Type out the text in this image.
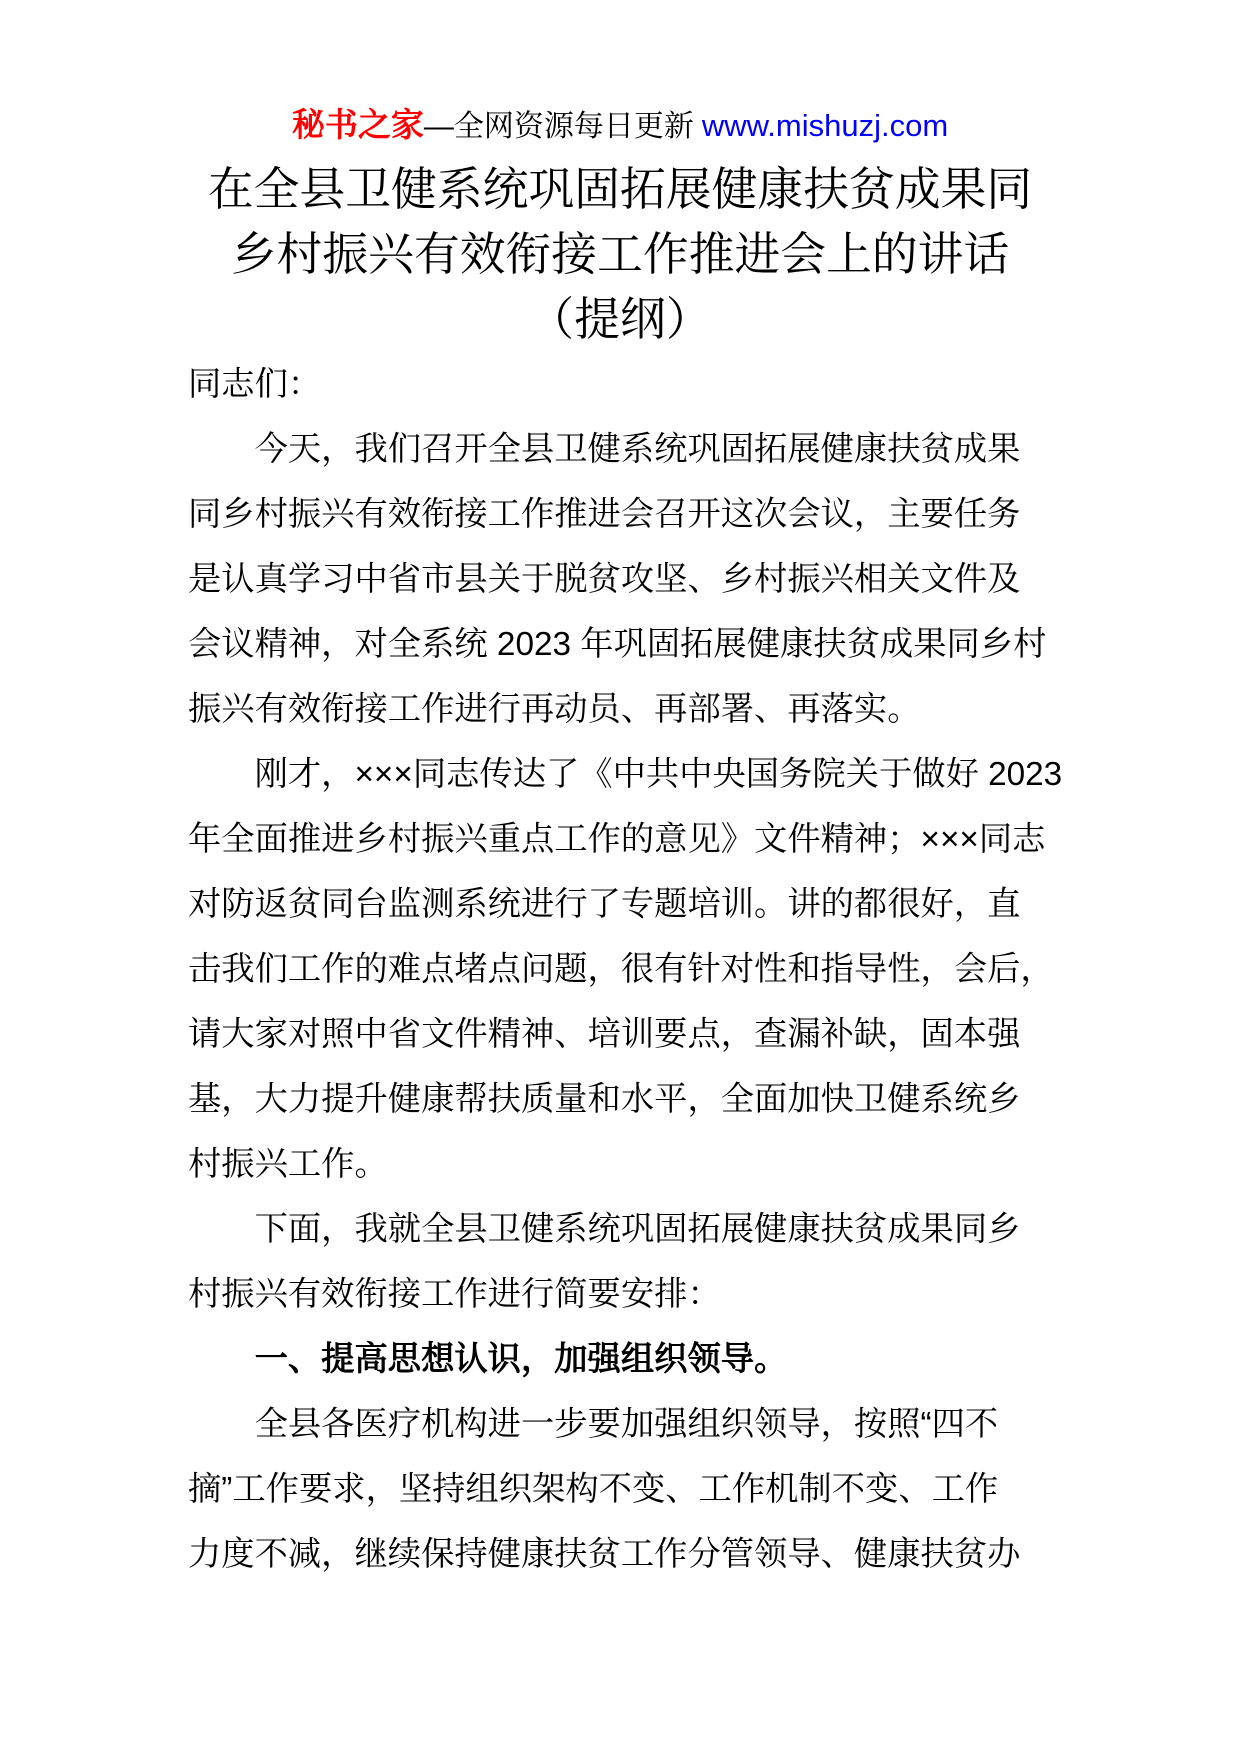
秘书之家—全网资源每日更新 www.mishuzj.com
在全县卫健系统巩固拓展健康扶贫成果同
乡村振兴有效衔接工作推进会上的讲话
（提纲）
同志们：
今天，我们召开全县卫健系统巩固拓展健康扶贫成果
同乡村振兴有效衔接工作推进会召开这次会议，主要任务
是认真学习中省市县关于脱贫攻坚、乡村振兴相关文件及
会议精神，对全系统 2023 年巩固拓展健康扶贫成果同乡村
振兴有效衔接工作进行再动员、再部署、再落实。
刚才，×××同志传达了《中共中央国务院关于做好 2023
年全面推进乡村振兴重点工作的意见》文件精神；×××同志
对防返贫同台监测系统进行了专题培训。讲的都很好，直
击我们工作的难点堵点问题，很有针对性和指导性，会后，
请大家对照中省文件精神、培训要点，查漏补缺，固本强
基，大力提升健康帮扶质量和水平，全面加快卫健系统乡
村振兴工作。
下面，我就全县卫健系统巩固拓展健康扶贫成果同乡
村振兴有效衔接工作进行简要安排：
一、提高思想认识，加强组织领导。
全县各医疗机构进一步要加强组织领导，按照“四不
摘”工作要求，坚持组织架构不变、工作机制不变、工作
力度不减，继续保持健康扶贫工作分管领导、健康扶贫办
